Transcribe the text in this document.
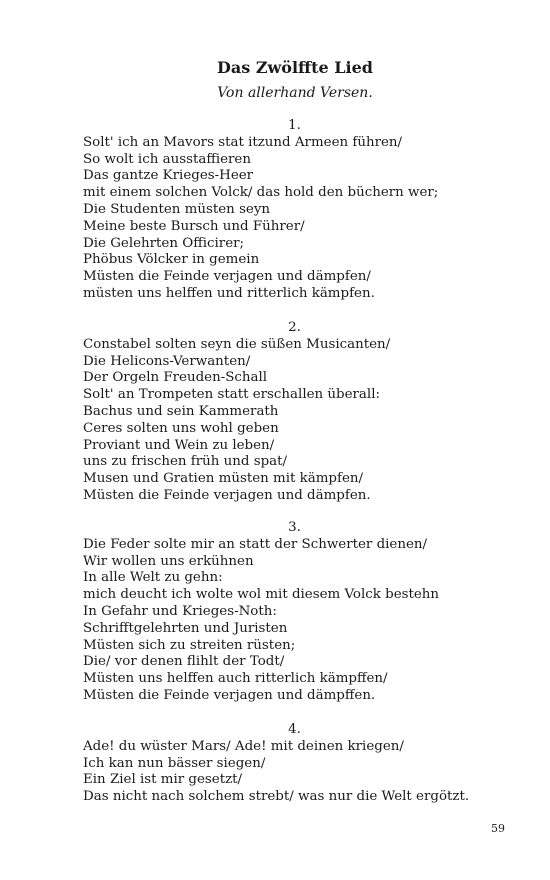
Das Zwölffte Lied

Von allerhand Versen.

1.
Solt' ich an Mavors stat itzund Armeen führen/
So wolt ich ausstaffieren
Das gantze Krieges-Heer
mit einem solchen Volck/ das hold den büchern wer;
Die Studenten müsten seyn
Meine beste Bursch und Führer/
Die Gelehrten Officirer;
Phöbus Völcker in gemein
Müsten die Feinde verjagen und dämpfen/
müsten uns helffen und ritterlich kämpfen.
2.
Constabel solten seyn die süßen Musicanten/
Die Helicons-Verwanten/
Der Orgeln Freuden-Schall
Solt' an Trompeten statt erschallen überall:
Bachus und sein Kammerath
Ceres solten uns wohl geben
Proviant und Wein zu leben/
uns zu frischen früh und spat/
Musen und Gratien müsten mit kämpfen/
Müsten die Feinde verjagen und dämpfen.
3.
Die Feder solte mir an statt der Schwerter dienen/
Wir wollen uns erkühnen
In alle Welt zu gehn:
mich deucht ich wolte wol mit diesem Volck bestehn
In Gefahr und Krieges-Noth:
Schrifftgelehrten und Juristen
Müsten sich zu streiten rüsten;
Die/ vor denen flihlt der Todt/
Müsten uns helffen auch ritterlich kämpffen/
Müsten die Feinde verjagen und dämpffen.
4.
Ade! du wüster Mars/ Ade! mit deinen kriegen/
Ich kan nun bässer siegen/
Ein Ziel ist mir gesetzt/
Das nicht nach solchem strebt/ was nur die Welt ergötzt.
59
